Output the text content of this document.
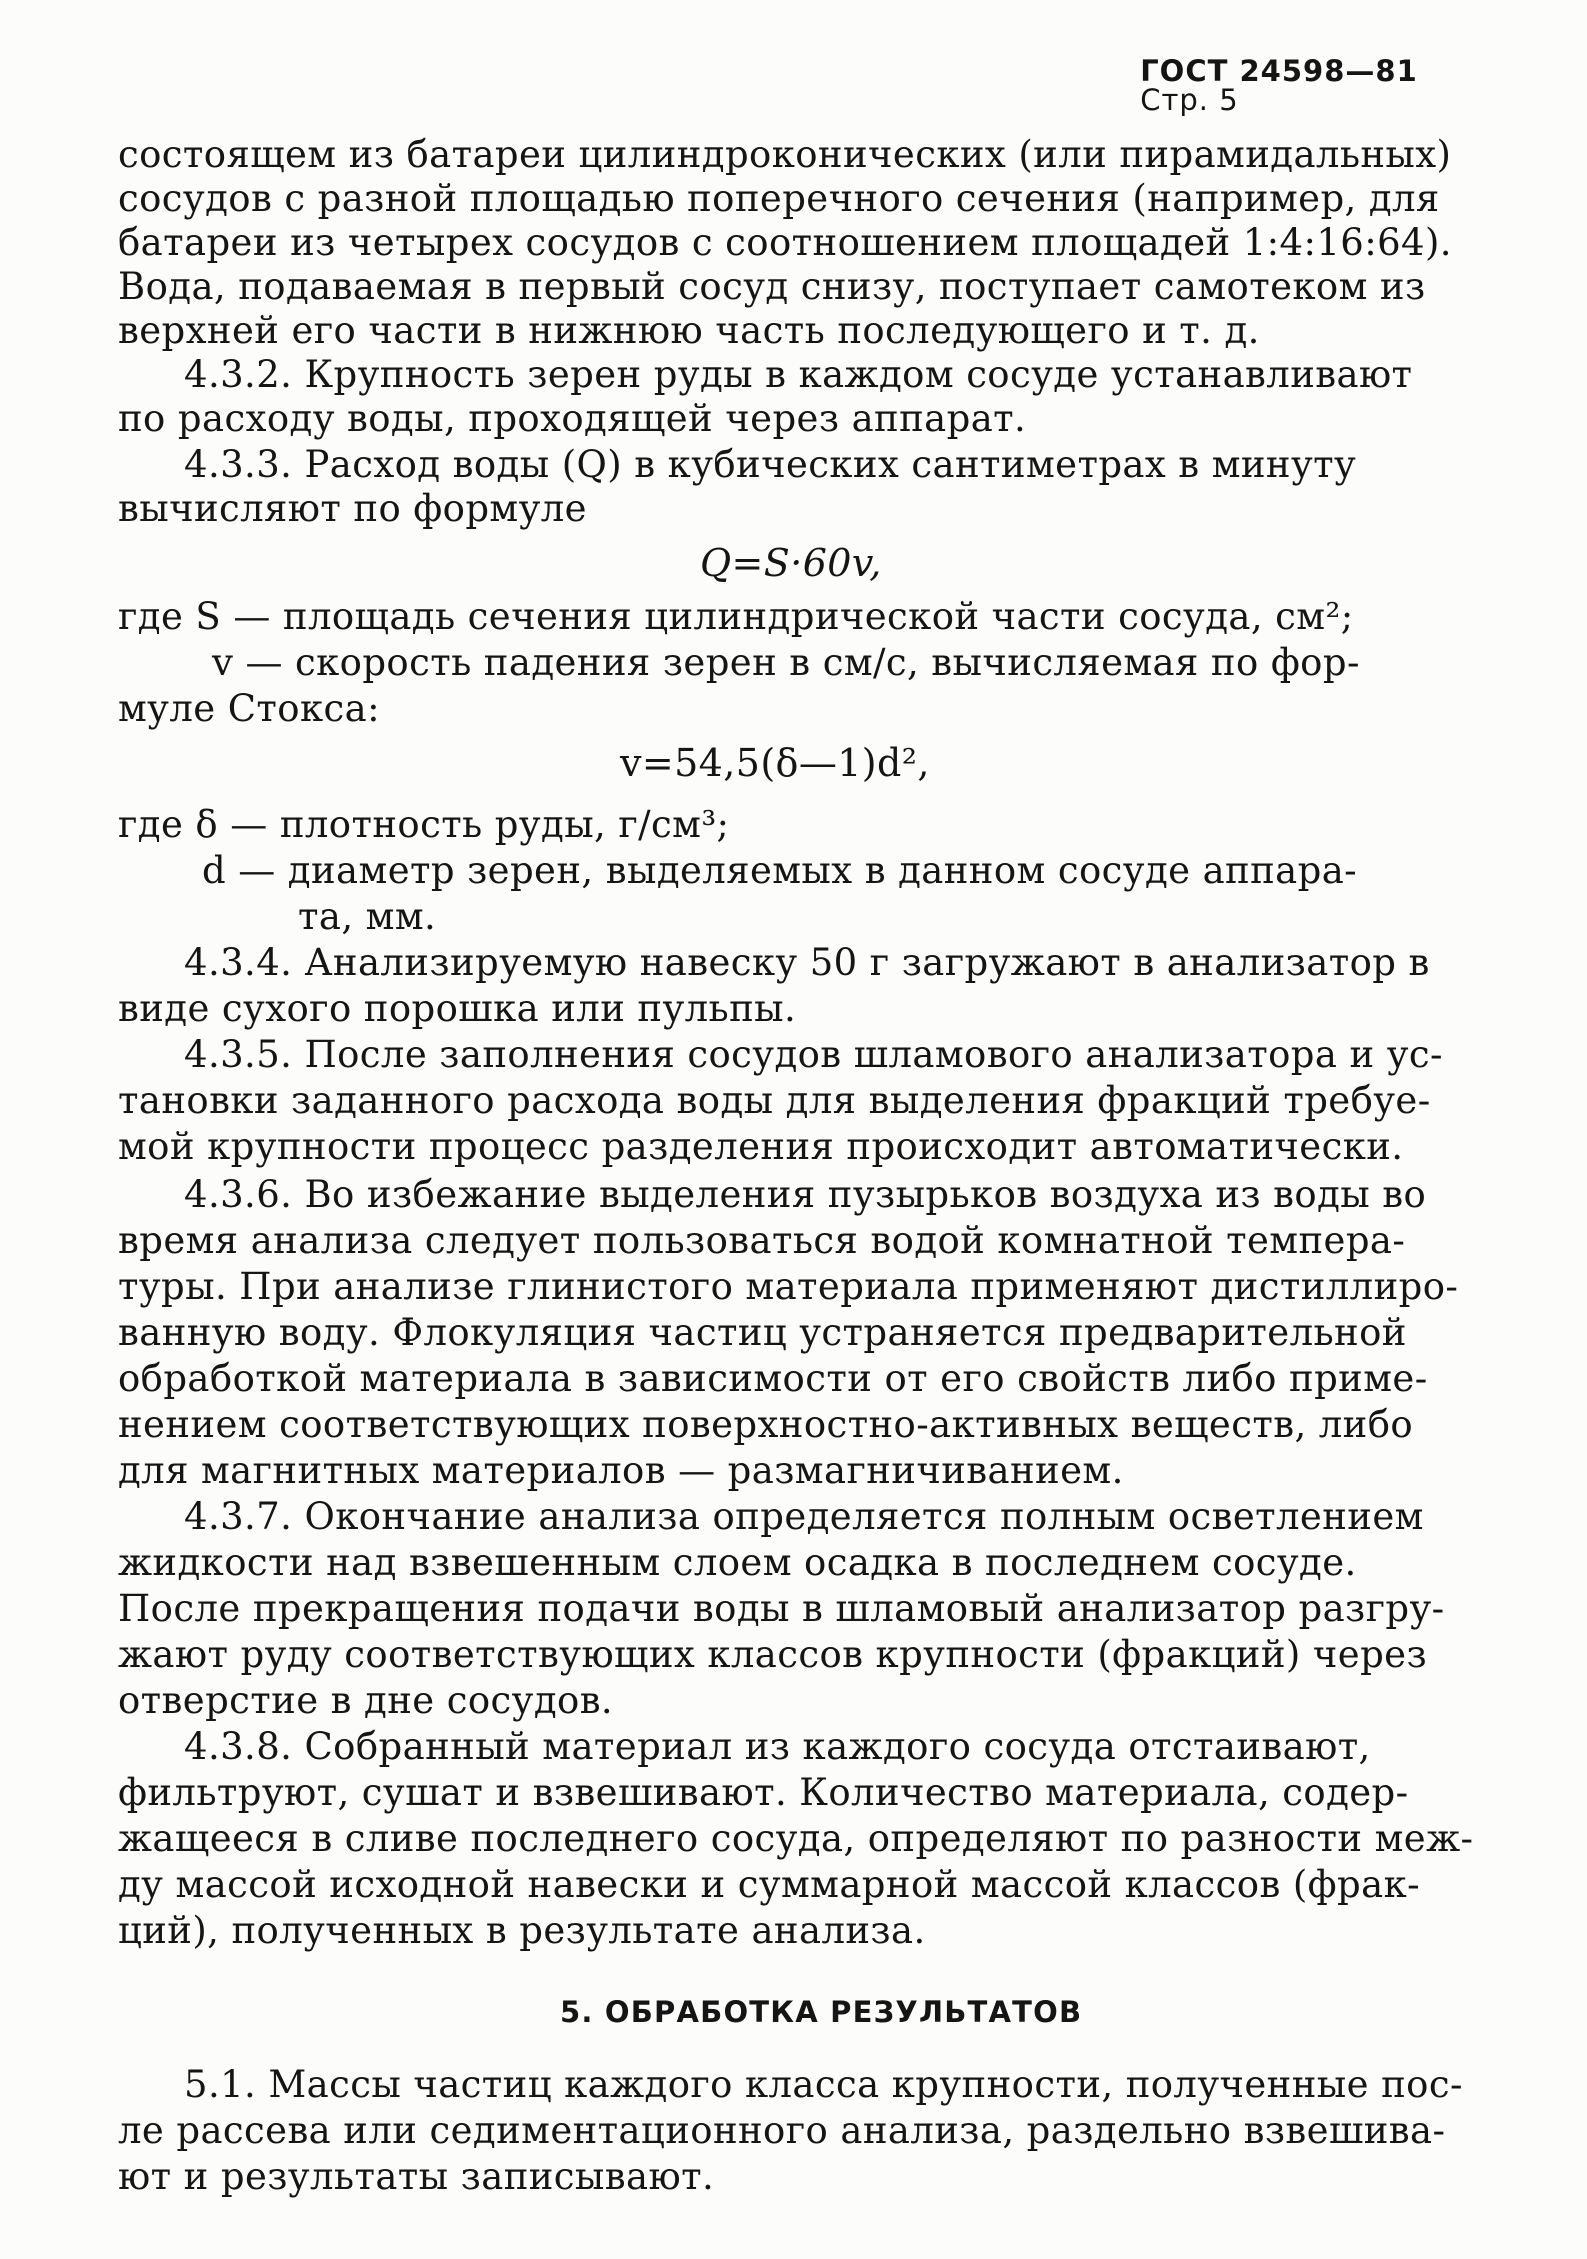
ГОСТ 24598—81
Стр. 5

состоящем из батареи цилиндроконических (или пирамидальных)
сосудов с разной площадью поперечного сечения (например, для
батареи из четырех сосудов с соотношением площадей 1:4:16:64).
Вода, подаваемая в первый сосуд снизу, поступает самотеком из
верхней его части в нижнюю часть последующего и т. д.
4.3.2. Крупность зерен руды в каждом сосуде устанавливают
по расходу воды, проходящей через аппарат.
4.3.3. Расход воды (Q) в кубических сантиметрах в минуту
вычисляют по формуле
Q=S·60v,
где S — площадь сечения цилиндрической части сосуда, см²;
v — скорость падения зерен в см/с, вычисляемая по фор-
муле Стокса:
v=54,5(δ—1)d²,
где δ — плотность руды, г/см³;
d — диаметр зерен, выделяемых в данном сосуде аппара-
та, мм.
4.3.4. Анализируемую навеску 50 г загружают в анализатор в
виде сухого порошка или пульпы.
4.3.5. После заполнения сосудов шламового анализатора и ус-
тановки заданного расхода воды для выделения фракций требуе-
мой крупности процесс разделения происходит автоматически.
4.3.6. Во избежание выделения пузырьков воздуха из воды во
время анализа следует пользоваться водой комнатной темпера-
туры. При анализе глинистого материала применяют дистиллиро-
ванную воду. Флокуляция частиц устраняется предварительной
обработкой материала в зависимости от его свойств либо приме-
нением соответствующих поверхностно-активных веществ, либо
для магнитных материалов — размагничиванием.
4.3.7. Окончание анализа определяется полным осветлением
жидкости над взвешенным слоем осадка в последнем сосуде.
После прекращения подачи воды в шламовый анализатор разгру-
жают руду соответствующих классов крупности (фракций) через
отверстие в дне сосудов.
4.3.8. Собранный материал из каждого сосуда отстаивают,
фильтруют, сушат и взвешивают. Количество материала, содер-
жащееся в сливе последнего сосуда, определяют по разности меж-
ду массой исходной навески и суммарной массой классов (фрак-
ций), полученных в результате анализа.
5. ОБРАБОТКА РЕЗУЛЬТАТОВ
5.1. Массы частиц каждого класса крупности, полученные пос-
ле рассева или седиментационного анализа, раздельно взвешива-
ют и результаты записывают.
